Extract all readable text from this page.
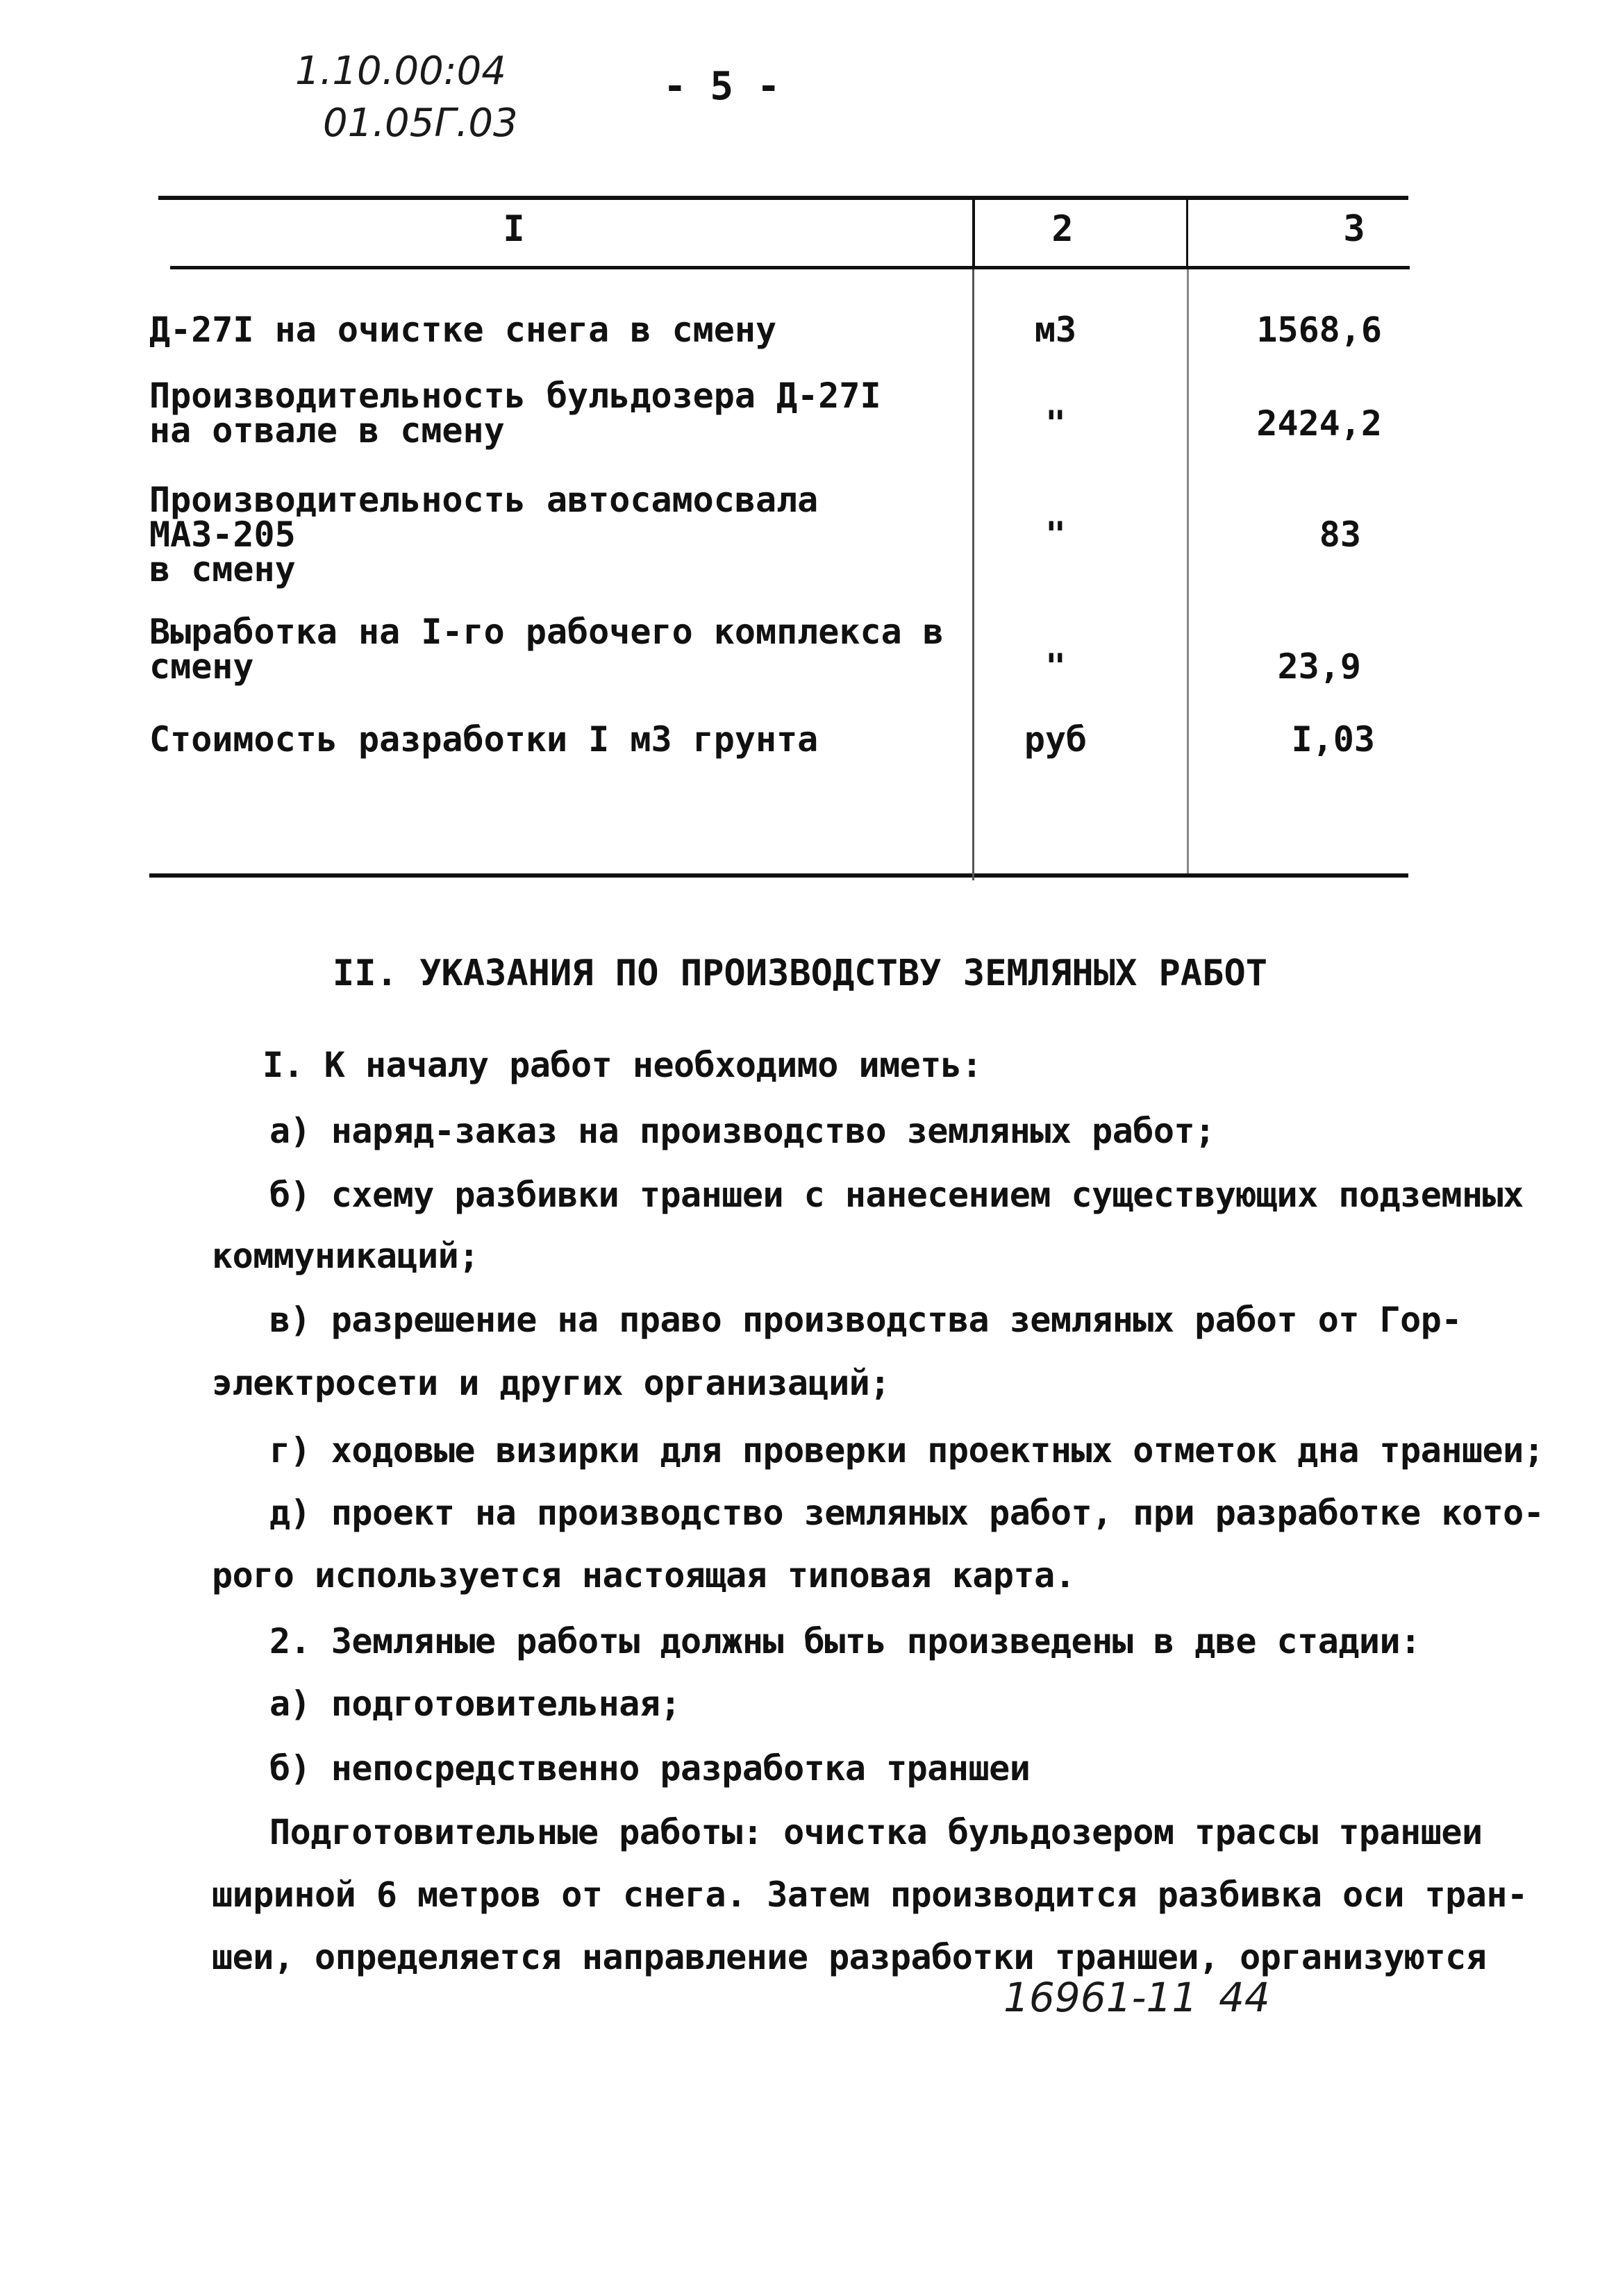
1.10.00:04
01.05Г.03
- 5 -
I	2	3
Д-27I на очистке снега в смену	м3	1568,6
Производительность бульдозера Д-27I
на отвале в смену	"	2424,2
Производительность автосамосвала МАЗ-205
в смену
"	83
Выработка на I-го рабочего комплекса в
смену	"	23,9
Стоимость разработки I м3 грунта	руб	I,03
II. УКАЗАНИЯ ПО ПРОИЗВОДСТВУ ЗЕМЛЯНЫХ РАБОТ
I. К началу работ необходимо иметь:
а) наряд-заказ на производство земляных работ;
б) схему разбивки траншеи с нанесением существующих подземных
коммуникаций;
в) разрешение на право производства земляных работ от Гор-
электросети и других организаций;
г) ходовые визирки для проверки проектных отметок дна траншеи;
д) проект на производство земляных работ, при разработке кото-
рого используется настоящая типовая карта.
2. Земляные работы должны быть произведены в две стадии:
а) подготовительная;
б) непосредственно разработка траншеи
Подготовительные работы: очистка бульдозером трассы траншеи
шириной 6 метров от снега. Затем производится разбивка оси тран-
шеи, определяется направление разработки траншеи, организуются
16961-11 44
